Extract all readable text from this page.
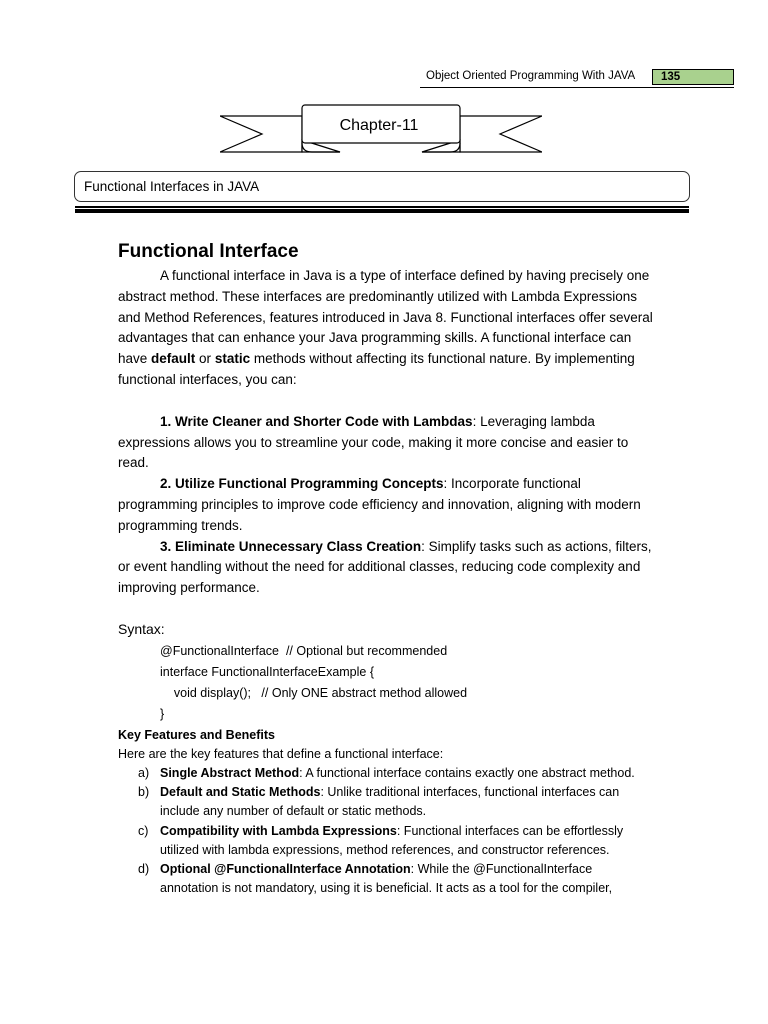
Object Oriented Programming With JAVA	135
Chapter-11
Functional Interfaces in JAVA
Functional Interface

A functional interface in Java is a type of interface defined by having precisely one abstract method. These interfaces are predominantly utilized with Lambda Expressions and Method References, features introduced in Java 8. Functional interfaces offer several advantages that can enhance your Java programming skills. A functional interface can have default or static methods without affecting its functional nature. By implementing functional interfaces, you can:

1. Write Cleaner and Shorter Code with Lambdas: Leveraging lambda expressions allows you to streamline your code, making it more concise and easier to read.

2. Utilize Functional Programming Concepts: Incorporate functional programming principles to improve code efficiency and innovation, aligning with modern programming trends.

3. Eliminate Unnecessary Class Creation: Simplify tasks such as actions, filters, or event handling without the need for additional classes, reducing code complexity and improving performance.

Syntax:

@FunctionalInterface  // Optional but recommended
interface FunctionalInterfaceExample {
void display();   // Only ONE abstract method allowed
}

Key Features and Benefits

Here are the key features that define a functional interface:

a) Single Abstract Method: A functional interface contains exactly one abstract method.
b) Default and Static Methods: Unlike traditional interfaces, functional interfaces can include any number of default or static methods.
c) Compatibility with Lambda Expressions: Functional interfaces can be effortlessly utilized with lambda expressions, method references, and constructor references.
d) Optional @FunctionalInterface Annotation: While the @FunctionalInterface annotation is not mandatory, using it is beneficial. It acts as a tool for the compiler,
